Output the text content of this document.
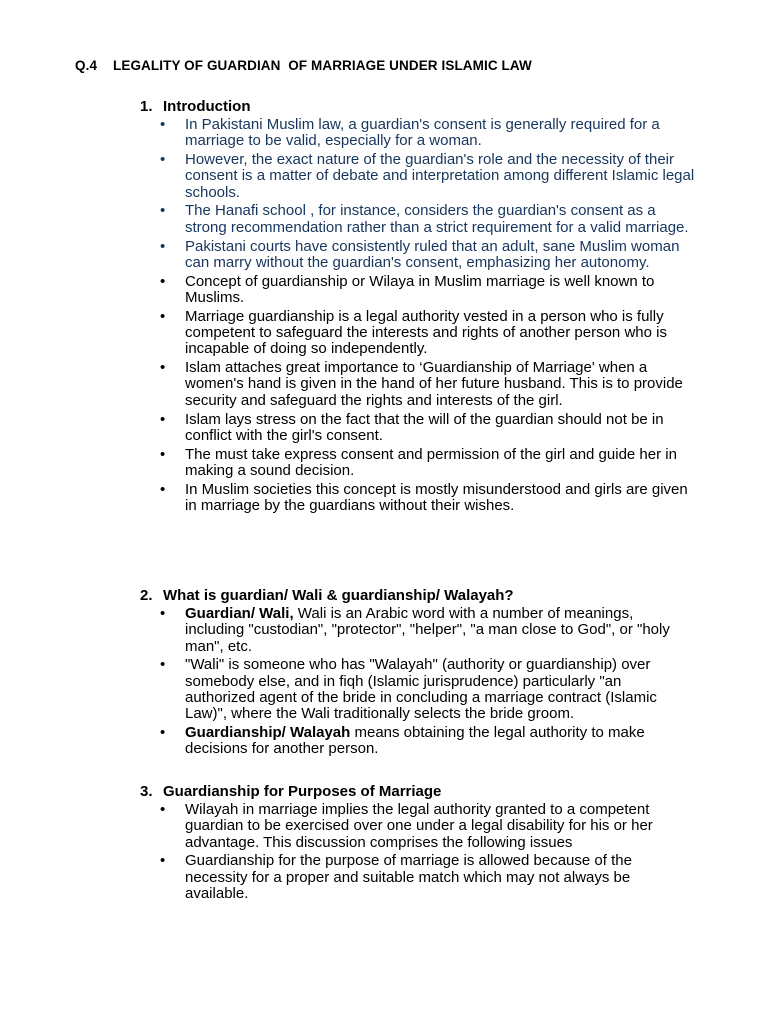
Q.4 LEGALITY OF GUARDIAN  OF MARRIAGE UNDER ISLAMIC LAW
1. Introduction
• In Pakistani Muslim law, a guardian's consent is generally required for a marriage to be valid, especially for a woman.
• However, the exact nature of the guardian's role and the necessity of their consent is a matter of debate and interpretation among different Islamic legal schools.
• The Hanafi school , for instance, considers the guardian's consent as a strong recommendation rather than a strict requirement for a valid marriage.
• Pakistani courts have consistently ruled that an adult, sane Muslim woman can marry without the guardian's consent, emphasizing her autonomy.
• Concept of guardianship or Wilaya in Muslim marriage is well known to Muslims.
• Marriage guardianship is a legal authority vested in a person who is fully competent to safeguard the interests and rights of another person who is incapable of doing so independently.
• Islam attaches great importance to ‘Guardianship of Marriage' when a women's hand is given in the hand of her future husband. This is to provide security and safeguard the rights and interests of the girl.
• Islam lays stress on the fact that the will of the guardian should not be in conflict with the girl's consent.
• The must take express consent and permission of the girl and guide her in making a sound decision.
• In Muslim societies this concept is mostly misunderstood and girls are given in marriage by the guardians without their wishes.
2. What is guardian/ Wali & guardianship/ Walayah?
• Guardian/ Wali, Wali is an Arabic word with a number of meanings, including "custodian", "protector", "helper", "a man close to God", or "holy man", etc.
• "Wali" is someone who has "Walayah" (authority or guardianship) over somebody else, and in fiqh (Islamic jurisprudence) particularly "an authorized agent of the bride in concluding a marriage contract (Islamic Law)", where the Wali traditionally selects the bride groom.
• Guardianship/ Walayah means obtaining the legal authority to make decisions for another person.
3. Guardianship for Purposes of Marriage
• Wilayah in marriage implies the legal authority granted to a competent guardian to be exercised over one under a legal disability for his or her advantage. This discussion comprises the following issues
• Guardianship for the purpose of marriage is allowed because of the necessity for a proper and suitable match which may not always be available.
